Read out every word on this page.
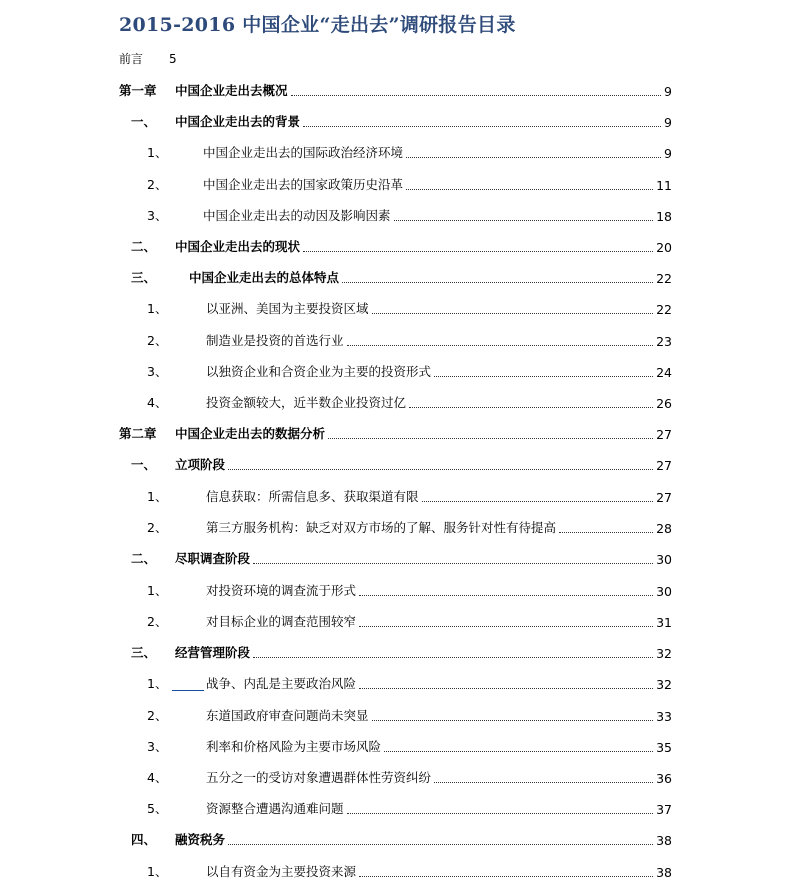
2015-2016 中国企业“走出去”调研报告目录
前言 5
第一章 中国企业走出去概况	9
一、 中国企业走出去的背景	9
1、	中国企业走出去的国际政治经济环境	9
2、	中国企业走出去的国家政策历史沿革	11
3、	中国企业走出去的动因及影响因素	18
二、 中国企业走出去的现状	20
三、	中国企业走出去的总体特点	22
1、	以亚洲、美国为主要投资区域	22
2、	制造业是投资的首选行业	23
3、	以独资企业和合资企业为主要的投资形式	24
4、	投资金额较大，近半数企业投资过亿	26
第二章 中国企业走出去的数据分析	27
一、 立项阶段	27
1、	信息获取：所需信息多、获取渠道有限	27
2、	第三方服务机构：缺乏对双方市场的了解、服务针对性有待提高	28
二、 尽职调查阶段	30
1、	对投资环境的调查流于形式	30
2、	对目标企业的调查范围较窄	31
三、 经营管理阶段	32
1、	战争、内乱是主要政治风险	32
2、	东道国政府审查问题尚未突显	33
3、	利率和价格风险为主要市场风险	35
4、	五分之一的受访对象遭遇群体性劳资纠纷	36
5、	资源整合遭遇沟通难问题	37
四、 融资税务	38
1、	以自有资金为主要投资来源	38
